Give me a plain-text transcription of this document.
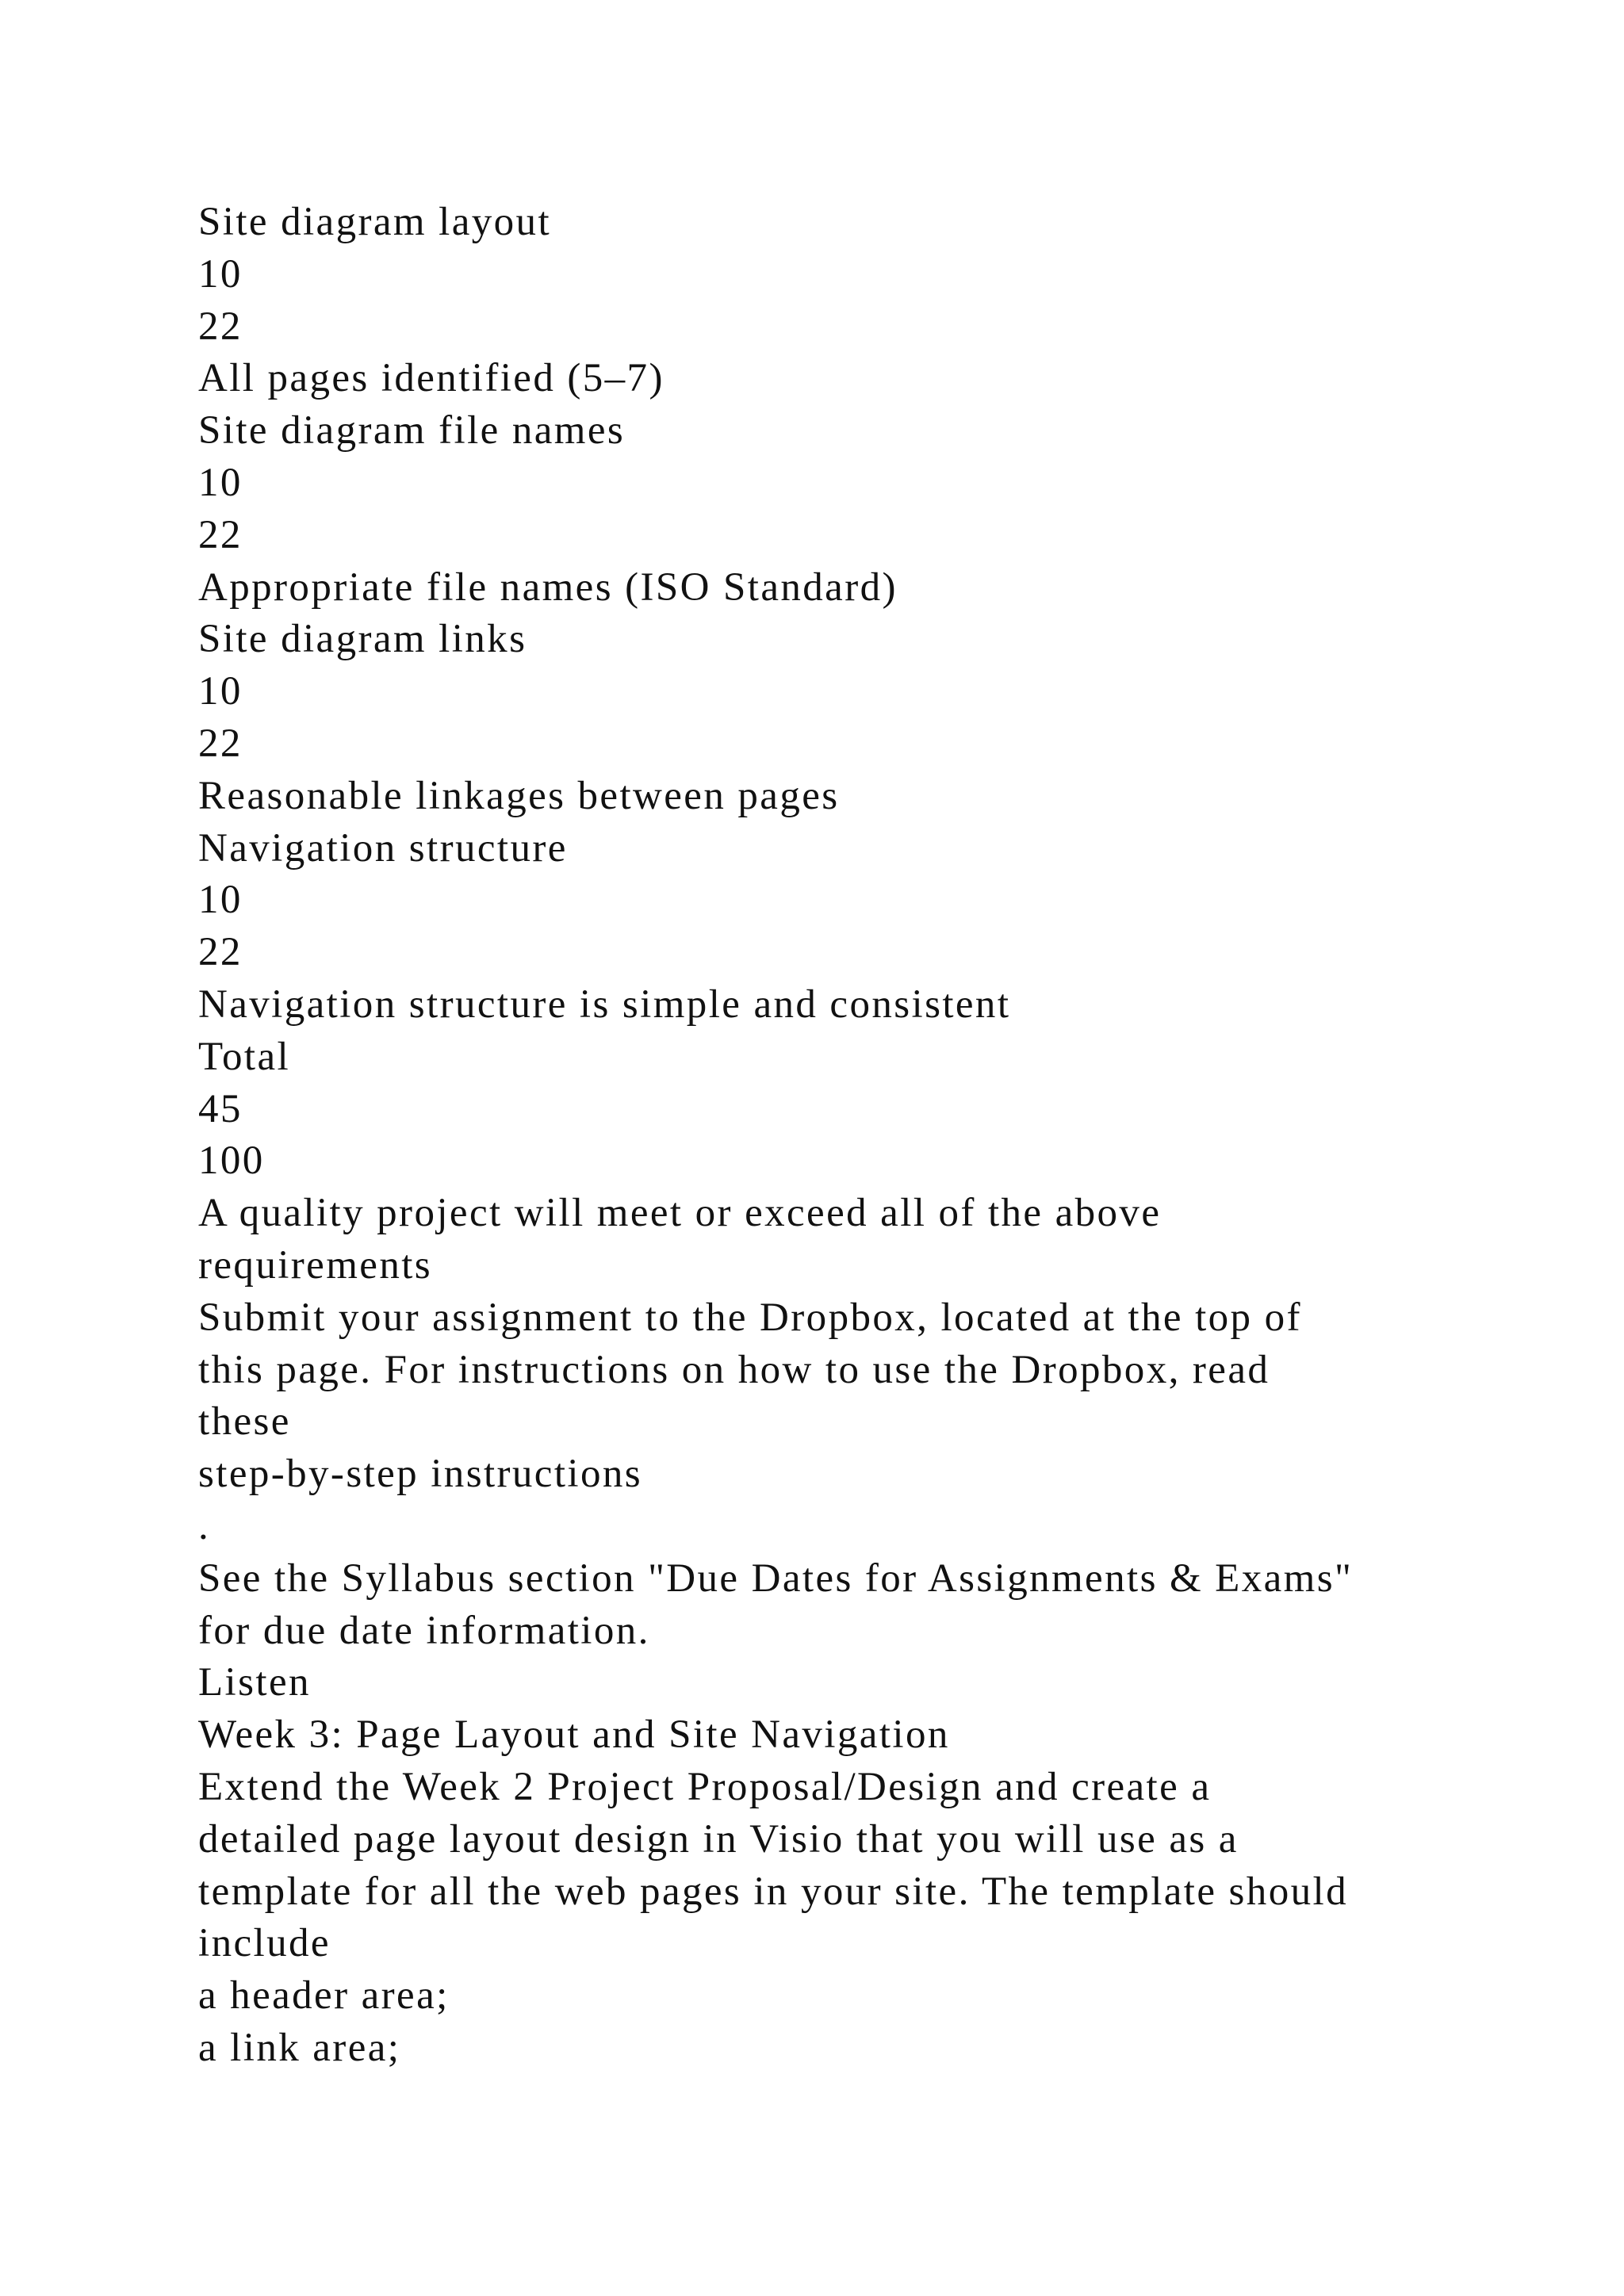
Site diagram layout
10
22
All pages identified (5–7)
Site diagram file names
10
22
Appropriate file names (ISO Standard)
Site diagram links
10
22
Reasonable linkages between pages
Navigation structure
10
22
Navigation structure is simple and consistent
Total
45
100
A quality project will meet or exceed all of the above
requirements
Submit your assignment to the Dropbox, located at the top of
this page. For instructions on how to use the Dropbox, read
these
step-by-step instructions
.
See the Syllabus section "Due Dates for Assignments & Exams"
for due date information.
Listen
Week 3: Page Layout and Site Navigation
Extend the Week 2 Project Proposal/Design and create a
detailed page layout design in Visio that you will use as a
template for all the web pages in your site. The template should
include
a header area;
a link area;
